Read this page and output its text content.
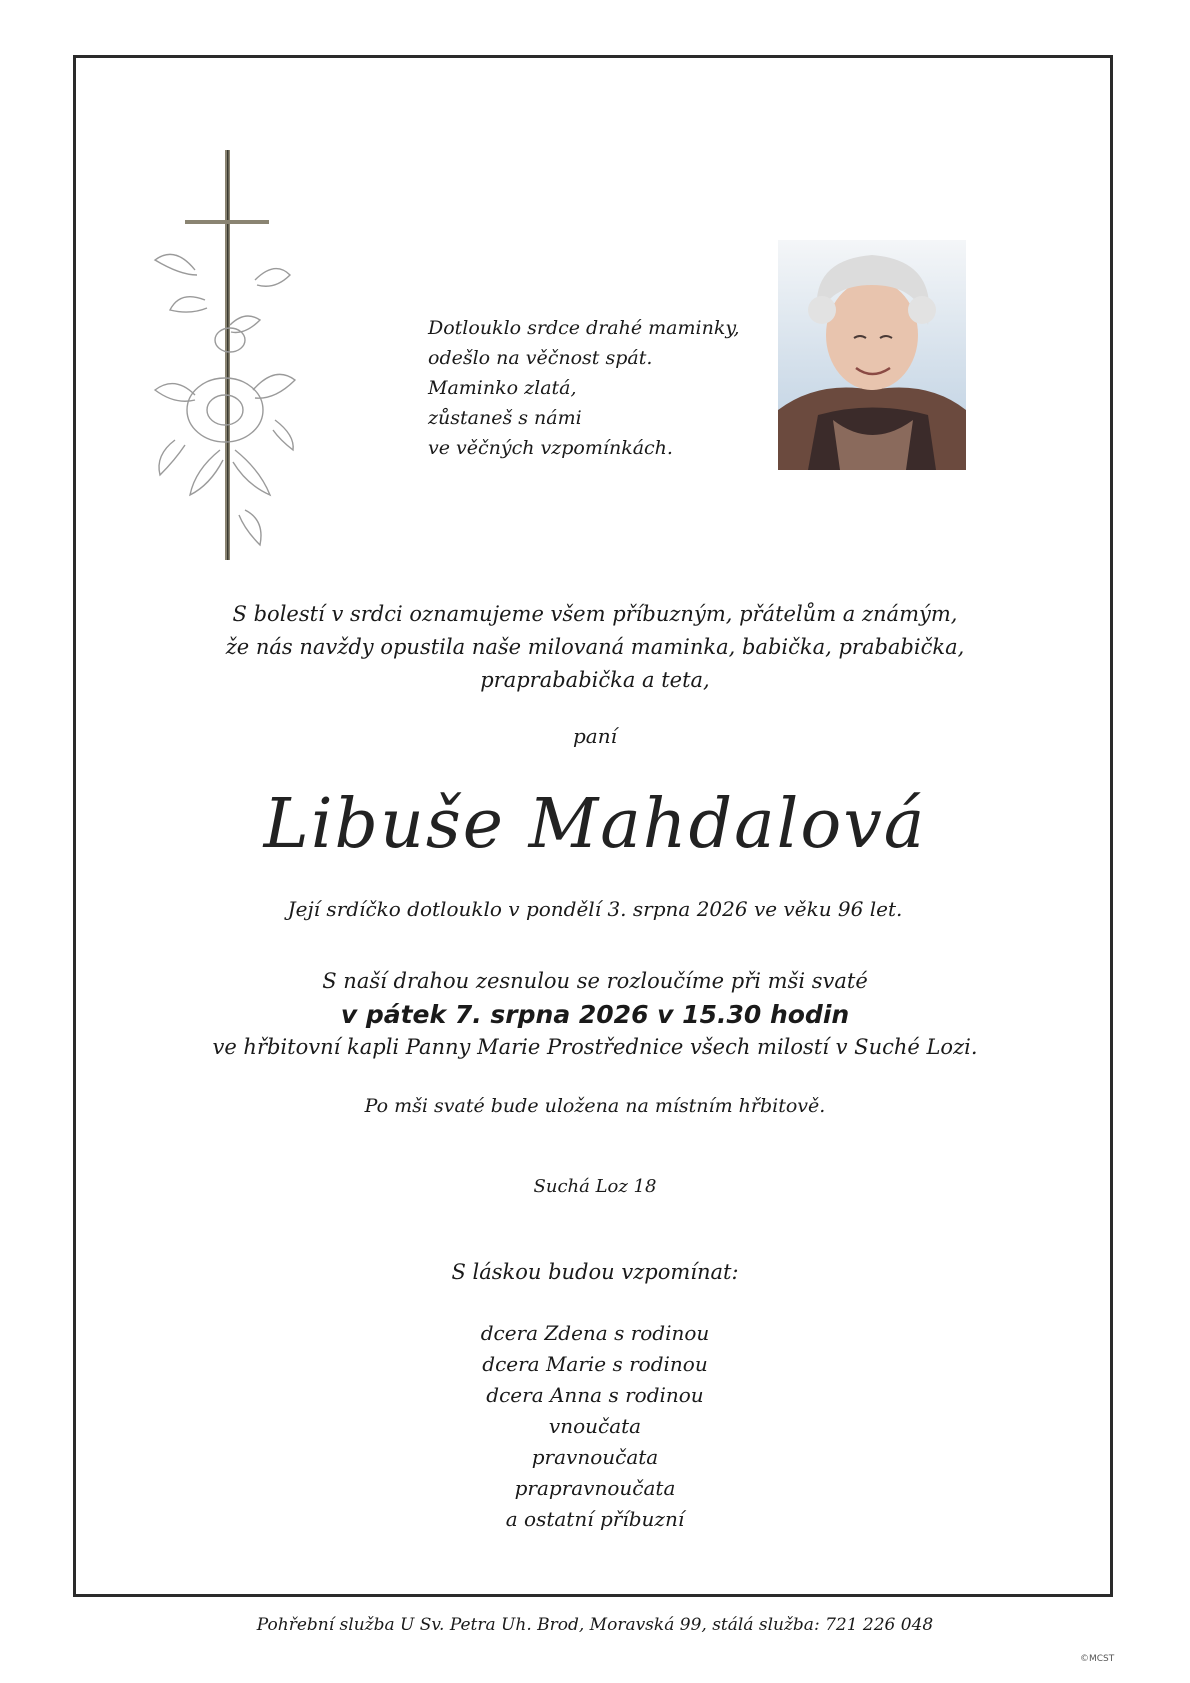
Dotlouklo srdce drahé maminky,
odešlo na věčnost spát.
Maminko zlatá,
zůstaneš s námi
ve věčných vzpomínkách.
S bolestí v srdci oznamujeme všem příbuzným, přátelům a známým,
že nás navždy opustila naše milovaná maminka, babička, prababička,
praprababička a teta,
paní
Libuše Mahdalová
Její srdíčko dotlouklo v pondělí 3. srpna 2026 ve věku 96 let.
S naší drahou zesnulou se rozloučíme při mši svaté
v pátek 7. srpna 2026 v 15.30 hodin
ve hřbitovní kapli Panny Marie Prostřednice všech milostí v Suché Lozi.
Po mši svaté bude uložena na místním hřbitově.
Suchá Loz 18
S láskou budou vzpomínat:
dcera Zdena s rodinou
dcera Marie s rodinou
dcera Anna s rodinou
vnoučata
pravnoučata
prapravnoučata
a ostatní příbuzní
Pohřební služba U Sv. Petra Uh. Brod, Moravská 99, stálá služba: 721 226 048
©MCST
